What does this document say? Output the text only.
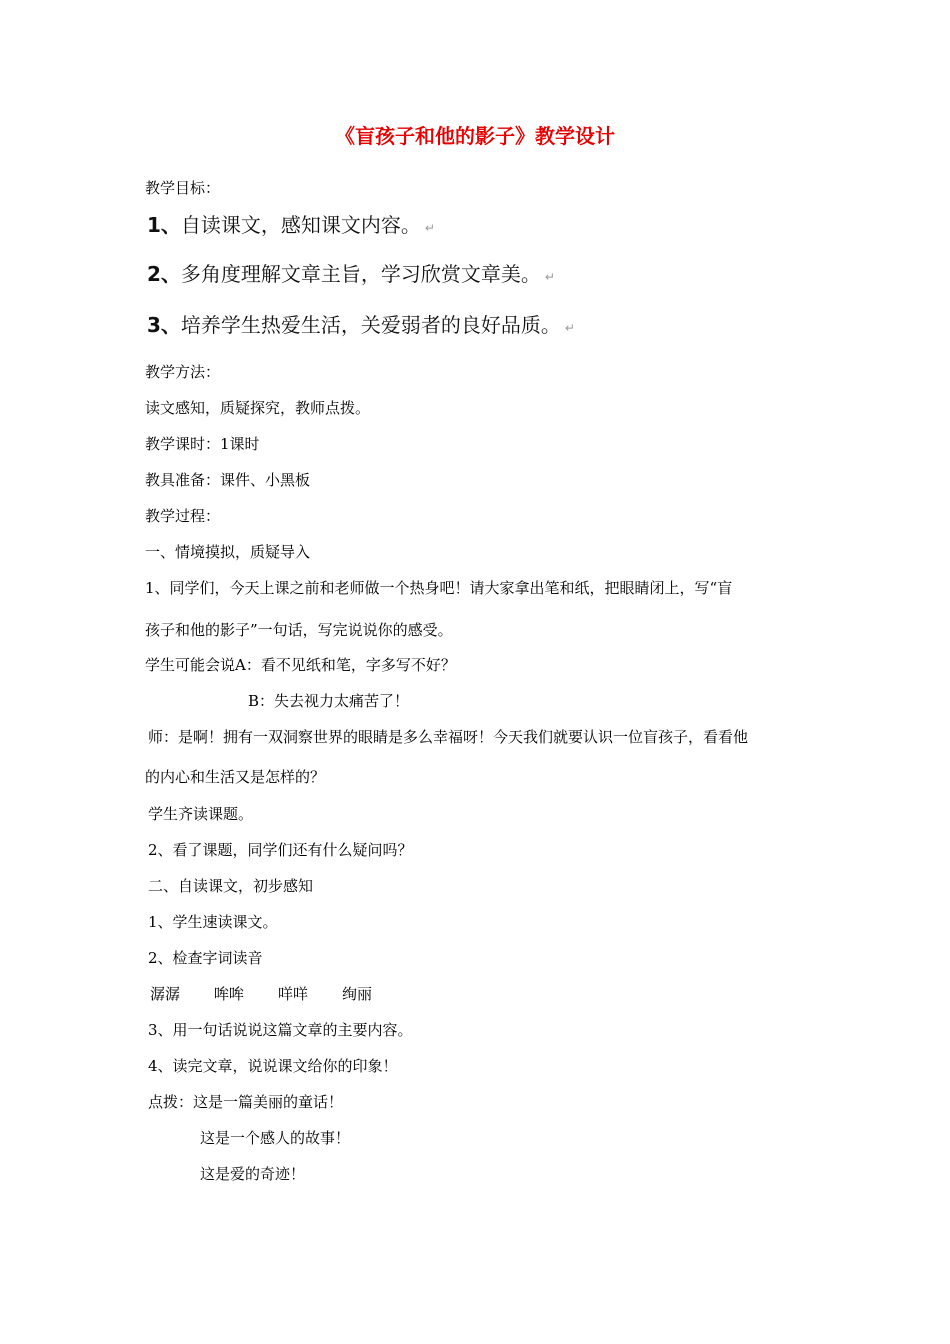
《盲孩子和他的影子》教学设计
教学目标：
1、自读课文，感知课文内容。 ↵
2、多角度理解文章主旨，学习欣赏文章美。 ↵
3、培养学生热爱生活，关爱弱者的良好品质。 ↵
教学方法：
读文感知，质疑探究，教师点拨。
教学课时：1课时
教具准备：课件、小黑板
教学过程：
一、情境摸拟，质疑导入
1、同学们，今天上课之前和老师做一个热身吧！请大家拿出笔和纸，把眼睛闭上，写“盲
孩子和他的影子”一句话，写完说说你的感受。
学生可能会说A：看不见纸和笔，字多写不好？
B：失去视力太痛苦了！
师：是啊！拥有一双洞察世界的眼睛是多么幸福呀！今天我们就要认识一位盲孩子，看看他
的内心和生活又是怎样的？
学生齐读课题。
2、看了课题，同学们还有什么疑问吗？
二、自读课文，初步感知
1、学生速读课文。
2、检查字词读音
潺潺 哞哞 咩咩 绚丽
3、用一句话说说这篇文章的主要内容。
4、读完文章，说说课文给你的印象！
点拨：这是一篇美丽的童话！
这是一个感人的故事！
这是爱的奇迹！
